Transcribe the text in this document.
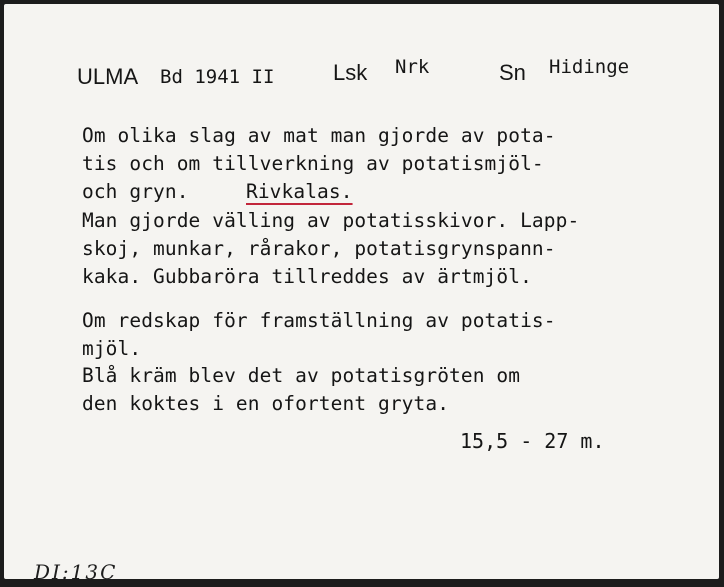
ULMA Bd 1941 II	Lsk Nrk	Sn Hidinge
Om olika slag av mat man gjorde av pota-
tis och om tillverkning av potatismjöl-
och gryn.	Rivkalas.
Man gjorde välling av potatisskivor. Lapp-
skoj, munkar, rårakor, potatisgrynspann-
kaka. Gubbaröra tillreddes av ärtmjöl.
Om redskap för framställning av potatis-
mjöl.
Blå kräm blev det av potatisgröten om
den koktes i en ofortent gryta.
15,5 - 27 m.
DI:13C
